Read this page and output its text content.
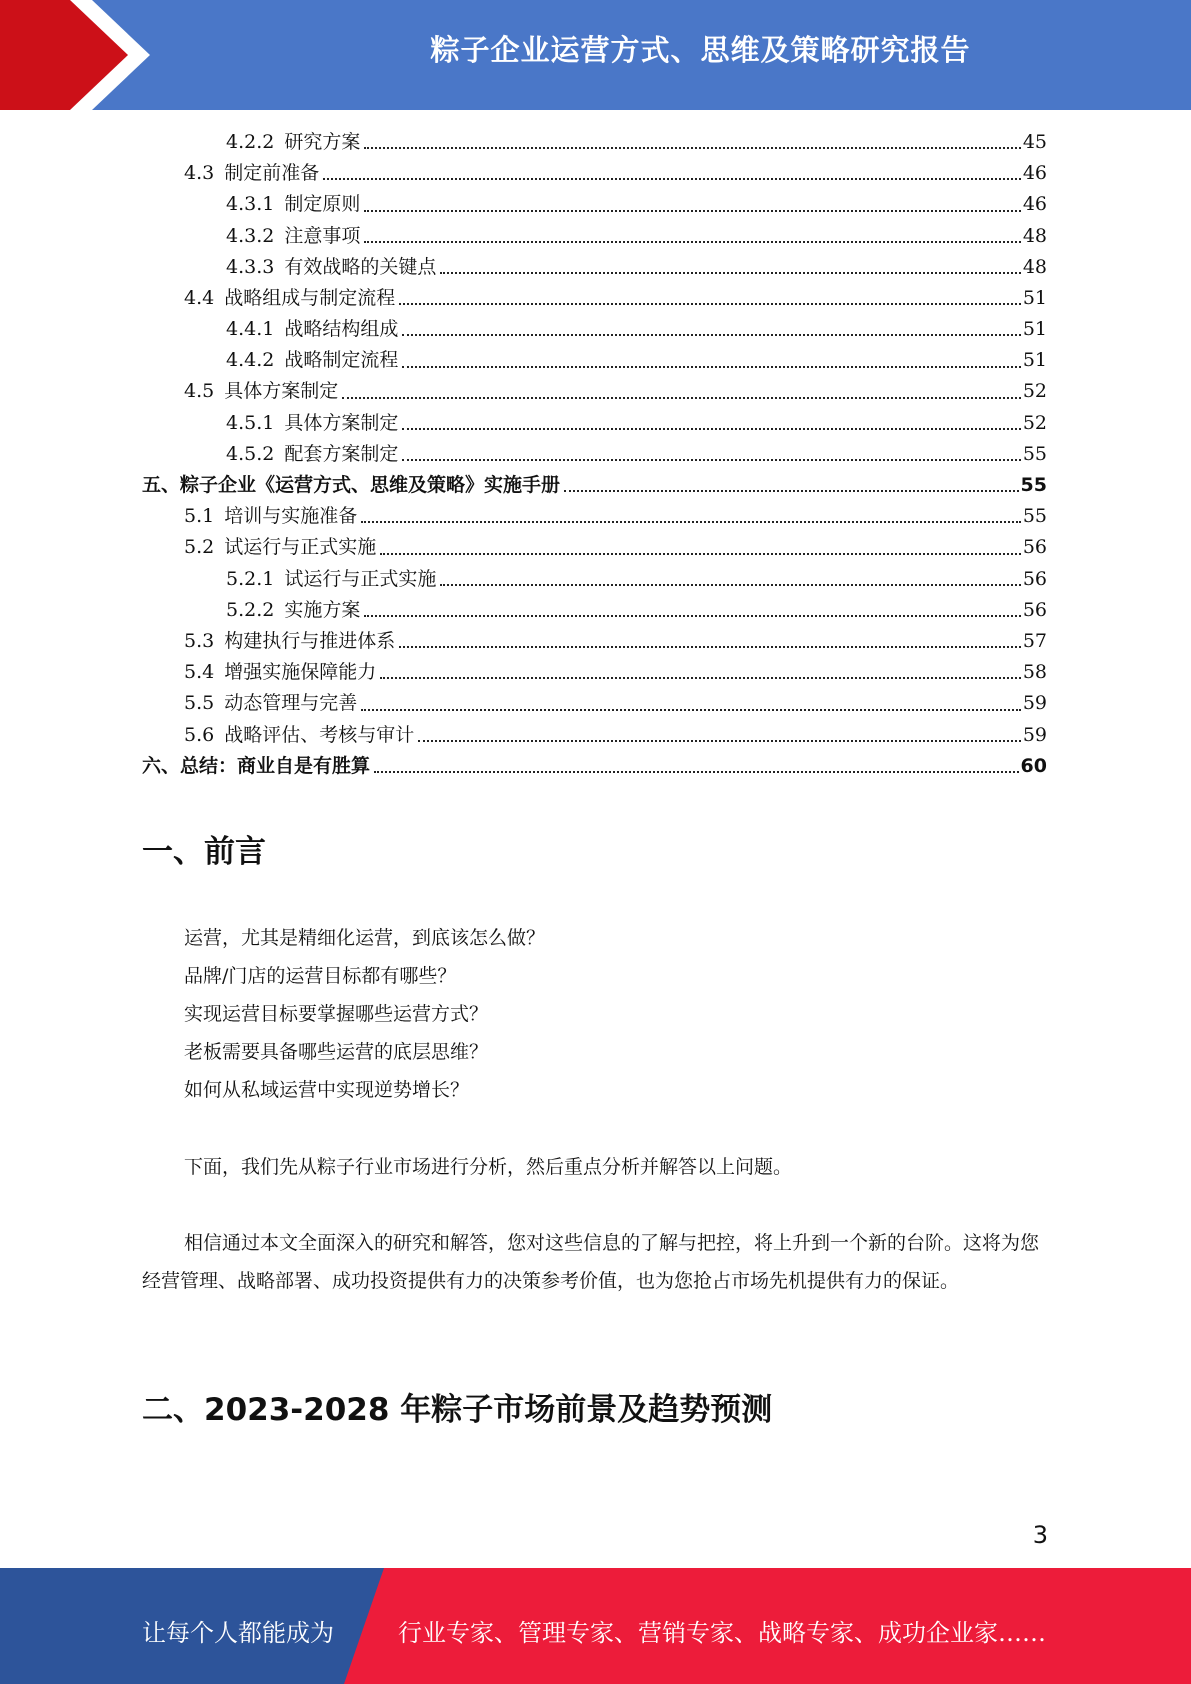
粽子企业运营方式、思维及策略研究报告
4.2.2 研究方案	45
4.3 制定前准备	46
4.3.1 制定原则	46
4.3.2 注意事项	48
4.3.3 有效战略的关键点	48
4.4 战略组成与制定流程	51
4.4.1 战略结构组成	51
4.4.2 战略制定流程	51
4.5 具体方案制定	52
4.5.1 具体方案制定	52
4.5.2 配套方案制定	55
五、粽子企业《运营方式、思维及策略》实施手册	55
5.1 培训与实施准备	55
5.2 试运行与正式实施	56
5.2.1 试运行与正式实施	56
5.2.2 实施方案	56
5.3 构建执行与推进体系	57
5.4 增强实施保障能力	58
5.5 动态管理与完善	59
5.6 战略评估、考核与审计	59
六、总结：商业自是有胜算	60
一、前言
运营，尤其是精细化运营，到底该怎么做？
品牌/门店的运营目标都有哪些？
实现运营目标要掌握哪些运营方式？
老板需要具备哪些运营的底层思维？
如何从私域运营中实现逆势增长？
下面，我们先从粽子行业市场进行分析，然后重点分析并解答以上问题。
相信通过本文全面深入的研究和解答，您对这些信息的了解与把控，将上升到一个新的台阶。这将为您经营管理、战略部署、成功投资提供有力的决策参考价值，也为您抢占市场先机提供有力的保证。
二、2023-2028 年粽子市场前景及趋势预测
3
让每个人都能成为	行业专家、管理专家、营销专家、战略专家、成功企业家……
